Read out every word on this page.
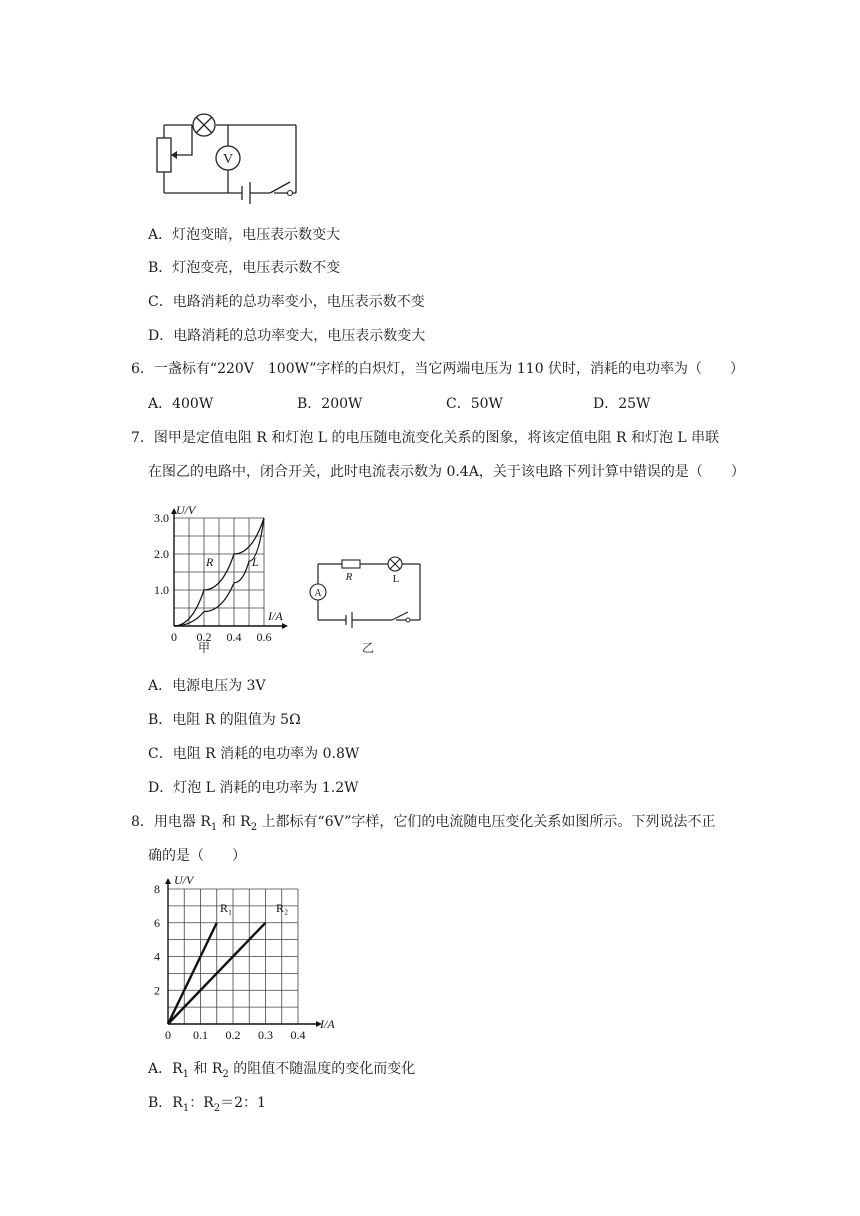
V
A．灯泡变暗，电压表示数变大
B．灯泡变亮，电压表示数不变
C．电路消耗的总功率变小，电压表示数不变
D．电路消耗的总功率变大，电压表示数变大
6．一盏标有“220V　100W”字样的白炽灯，当它两端电压为 110 伏时，消耗的电功率为（　　）
A．400W	B．200W	C．50W	D．25W
7．图甲是定值电阻 R 和灯泡 L 的电压随电流变化关系的图象，将该定值电阻 R 和灯泡 L 串联
在图乙的电路中，闭合开关，此时电流表示数为 0.4A，关于该电路下列计算中错误的是（　　）
I/A
U/V
0 0.2 0.4 0.6
1.0
2.0
3.0
R	L
甲
R	L
A
乙
A．电源电压为 3V
B．电阻 R 的阻值为 5Ω
C．电阻 R 消耗的电功率为 0.8W
D．灯泡 L 消耗的电功率为 1.2W
8．用电器 $R_1$ 和 $R_2$ 上都标有“6V”字样，它们的电流随电压变化关系如图所示。下列说法不正
确的是（　　）
I/A
U/V
0 0.1 0.2 0.3 0.4
2
4
6
8
R₁	R₂
A．$R_1$ 和 $R_2$ 的阻值不随温度的变化而变化
B．$R_1$：$R_2=2$：1
